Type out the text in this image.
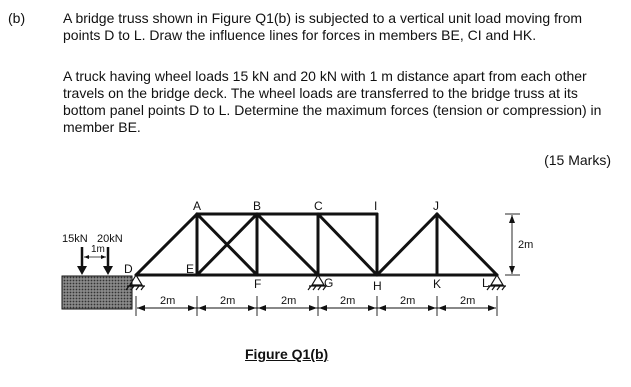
(b)	A bridge truss shown in Figure Q1(b) is subjected to a vertical unit load moving from points D to L. Draw the influence lines for forces in members BE, CI and HK.

A truck having wheel loads 15 kN and 20 kN with 1 m distance apart from each other travels on the bridge deck. The wheel loads are transferred to the bridge truss at its bottom panel points D to L. Determine the maximum forces (tension or compression) in member BE.

(15 Marks)
A	B	C	I	J
D	E
F	G	H	K	L
15kN 20kN
1m	2m
2m	2m	2m	2m	2m	2m
Figure Q1(b)
